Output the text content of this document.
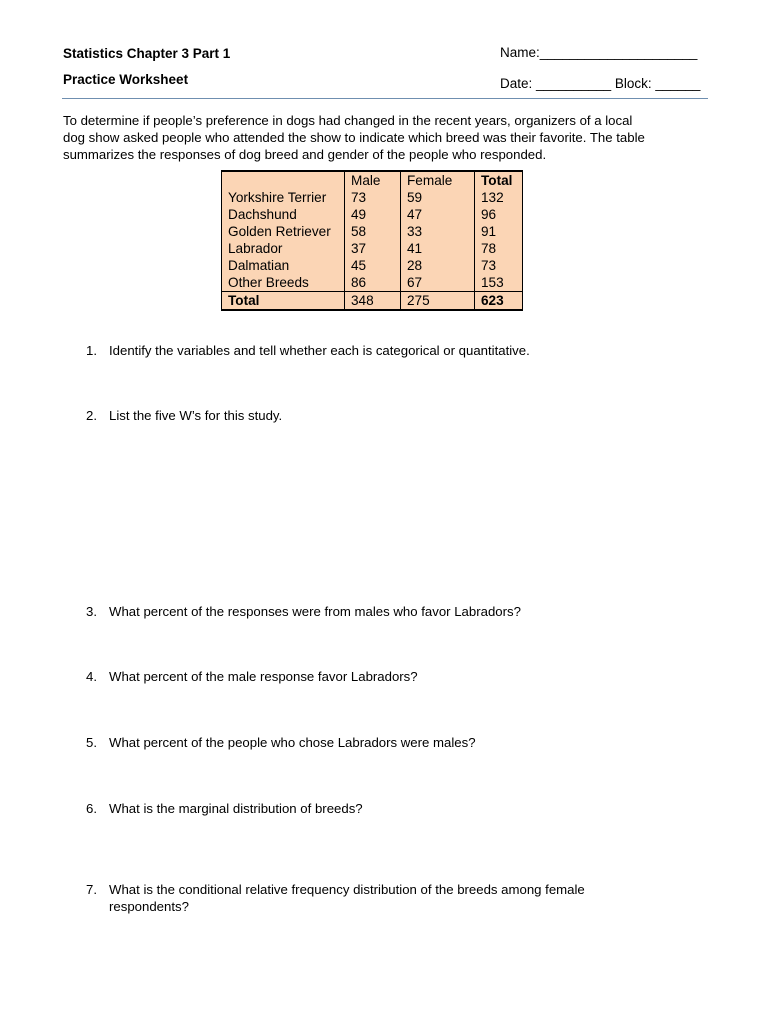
Statistics Chapter 3 Part 1
Practice Worksheet
Name:_____________________
Date: __________ Block: ______
To determine if people’s preference in dogs had changed in the recent years, organizers of a local
dog show asked people who attended the show to indicate which breed was their favorite. The table
summarizes the responses of dog breed and gender of the people who responded.
	Male	Female	Total
Yorkshire Terrier	73	59	132
Dachshund	49	47	96
Golden Retriever	58	33	91
Labrador	37	41	78
Dalmatian	45	28	73
Other Breeds	86	67	153
Total	348	275	623
1. Identify the variables and tell whether each is categorical or quantitative.
2. List the five W’s for this study.
3. What percent of the responses were from males who favor Labradors?
4. What percent of the male response favor Labradors?
5. What percent of the people who chose Labradors were males?
6. What is the marginal distribution of breeds?
7. What is the conditional relative frequency distribution of the breeds among female
respondents?
